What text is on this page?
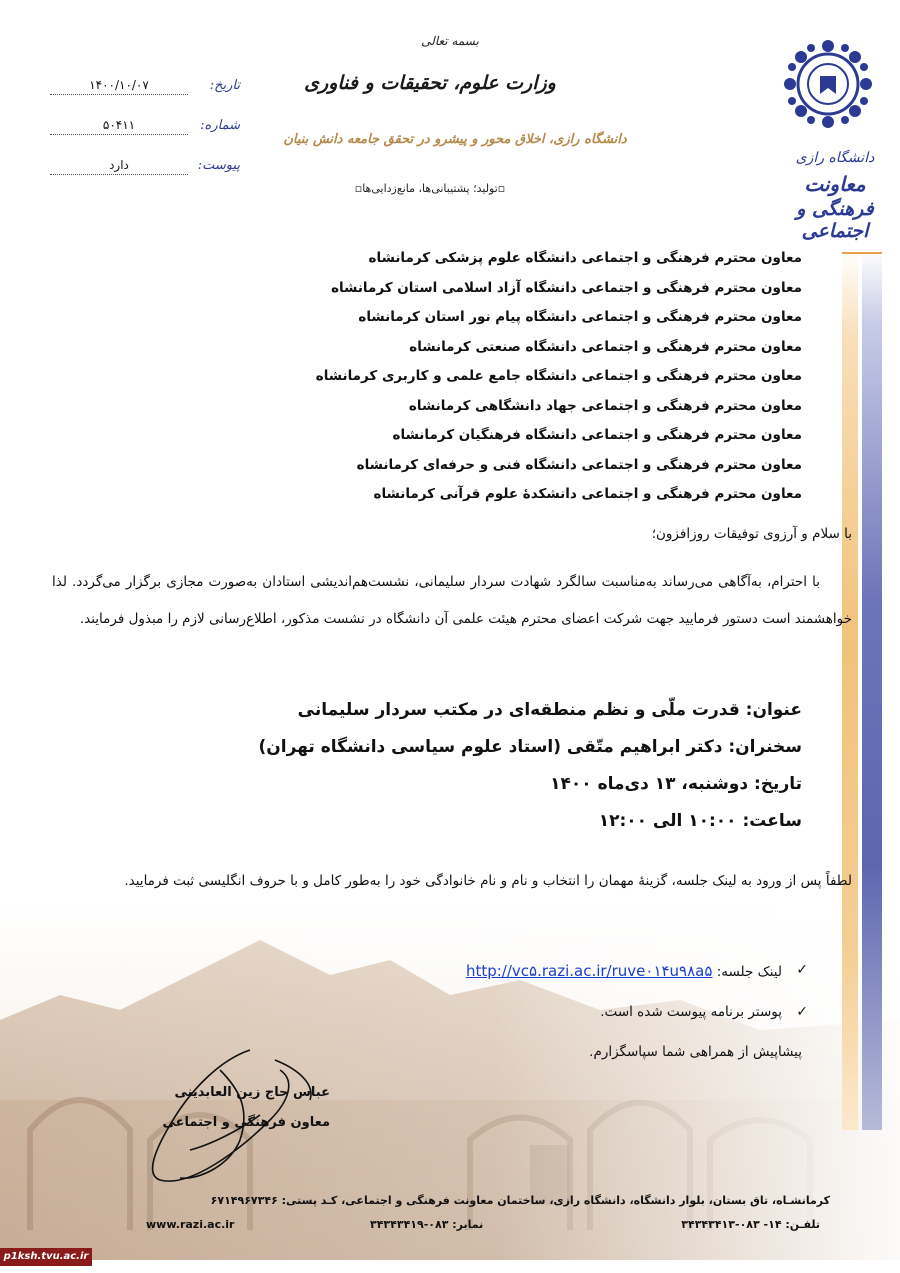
دانشگاه رازی
معاونت
فرهنگی و اجتماعی
بسمه تعالی
وزارت علوم، تحقیقات و فناوری
دانشگاه رازی، اخلاق محور و پیشرو در تحقق جامعه دانش بنیان
▫تولید؛ پشتیبانی‌ها، مانع‌زدایی‌ها▫
تاریخ:
۱۴۰۰/۱۰/۰۷
شماره:
۵۰۴۱۱
پیوست:
دارد
معاون محترم فرهنگی و اجتماعی دانشگاه علوم پزشکی کرمانشاه
معاون محترم فرهنگی و اجتماعی دانشگاه آزاد اسلامی استان کرمانشاه
معاون محترم فرهنگی و اجتماعی دانشگاه پیام نور استان کرمانشاه
معاون محترم فرهنگی و اجتماعی دانشگاه صنعتی کرمانشاه
معاون محترم فرهنگی و اجتماعی دانشگاه جامع علمی و کاربری کرمانشاه
معاون محترم فرهنگی و اجتماعی جهاد دانشگاهی کرمانشاه
معاون محترم فرهنگی و اجتماعی دانشگاه فرهنگیان کرمانشاه
معاون محترم فرهنگی و اجتماعی دانشگاه فنی و حرفه‌ای کرمانشاه
معاون محترم فرهنگی و اجتماعی دانشکدهٔ علوم قرآنی کرمانشاه
با سلام و آرزوی توفیقات روزافزون؛
با احترام، به‌آگاهی می‌رساند به‌مناسبت سالگرد شهادت سردار سلیمانی، نشست‌هم‌اندیشی استادان به‌صورت مجازی برگزار می‌گردد. لذا خواهشمند است دستور فرمایید جهت شرکت اعضای محترم هیئت علمی آن دانشگاه در نشست مذکور، اطلاع‌رسانی لازم را مبذول فرمایند.
عنوان: قدرت ملّی و نظم منطقه‌ای در مکتب سردار سلیمانی
سخنران: دکتر ابراهیم متّقی (استاد علوم سیاسی دانشگاه تهران)
تاریخ: دوشنبه، ۱۳ دی‌ماه ۱۴۰۰
ساعت: ۱۰:۰۰ الی ۱۲:۰۰
لطفاً پس از ورود به لینک جلسه، گزینهٔ مهمان را انتخاب و نام و نام خانوادگی خود را به‌طور کامل و با حروف انگلیسی ثبت فرمایید.
✓
لینک جلسه: http://vc۵.razi.ac.ir/ruve۰۱۴u۹۸a۵
✓
پوستر برنامه پیوست شده است.
پیشاپیش از همراهی شما سپاسگزارم.
عباس حاج زین العابدینی
معاون فرهنگی و اجتماعی
کرمانشـاه، تاق بستان، بلوار دانشگاه، دانشگاه رازی، ساختمان معاونت فرهنگی و اجتماعی، کـد پستی: ۶۷۱۴۹۶۷۳۴۶
www.razi.ac.ir	نمابر: ۰۸۳-۳۴۳۴۳۴۱۹	تلفـن: ۱۴- ۰۸۳-۳۴۳۴۳۴۱۳
p1ksh.tvu.ac.ir
